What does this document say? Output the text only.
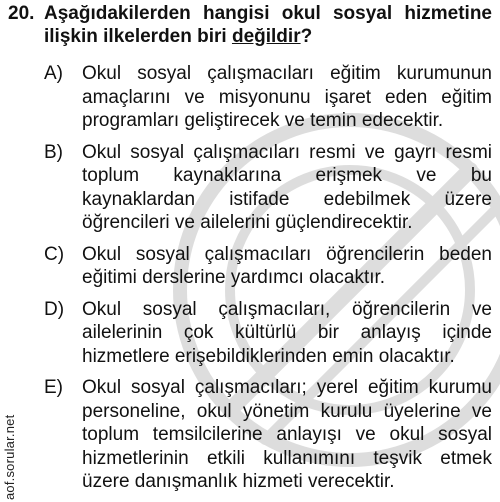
aof.sorular.net
20. Aşağıdakilerden hangisi okul sosyal hizmetine ilişkin ilkelerden biri değildir?
A)	Okul sosyal çalışmacıları eğitim kurumunun amaçlarını ve misyonunu işaret eden eğitim programları geliştirecek ve temin edecektir.
B)	Okul sosyal çalışmacıları resmi ve gayrı resmi toplum kaynaklarına erişmek ve bu kaynaklardan istifade edebilmek üzere öğrencileri ve ailelerini güçlendirecektir.
C) Okul sosyal çalışmacıları öğrencilerin beden eğitimi derslerine yardımcı olacaktır.
D) Okul sosyal çalışmacıları, öğrencilerin ve ailelerinin çok kültürlü bir anlayış içinde hizmetlere erişebildiklerinden emin olacaktır.
E)	Okul sosyal çalışmacıları; yerel eğitim kurumu personeline, okul yönetim kurulu üyelerine ve toplum temsilcilerine anlayışı ve okul sosyal hizmetlerinin etkili kullanımını teşvik etmek üzere danışmanlık hizmeti verecektir.
